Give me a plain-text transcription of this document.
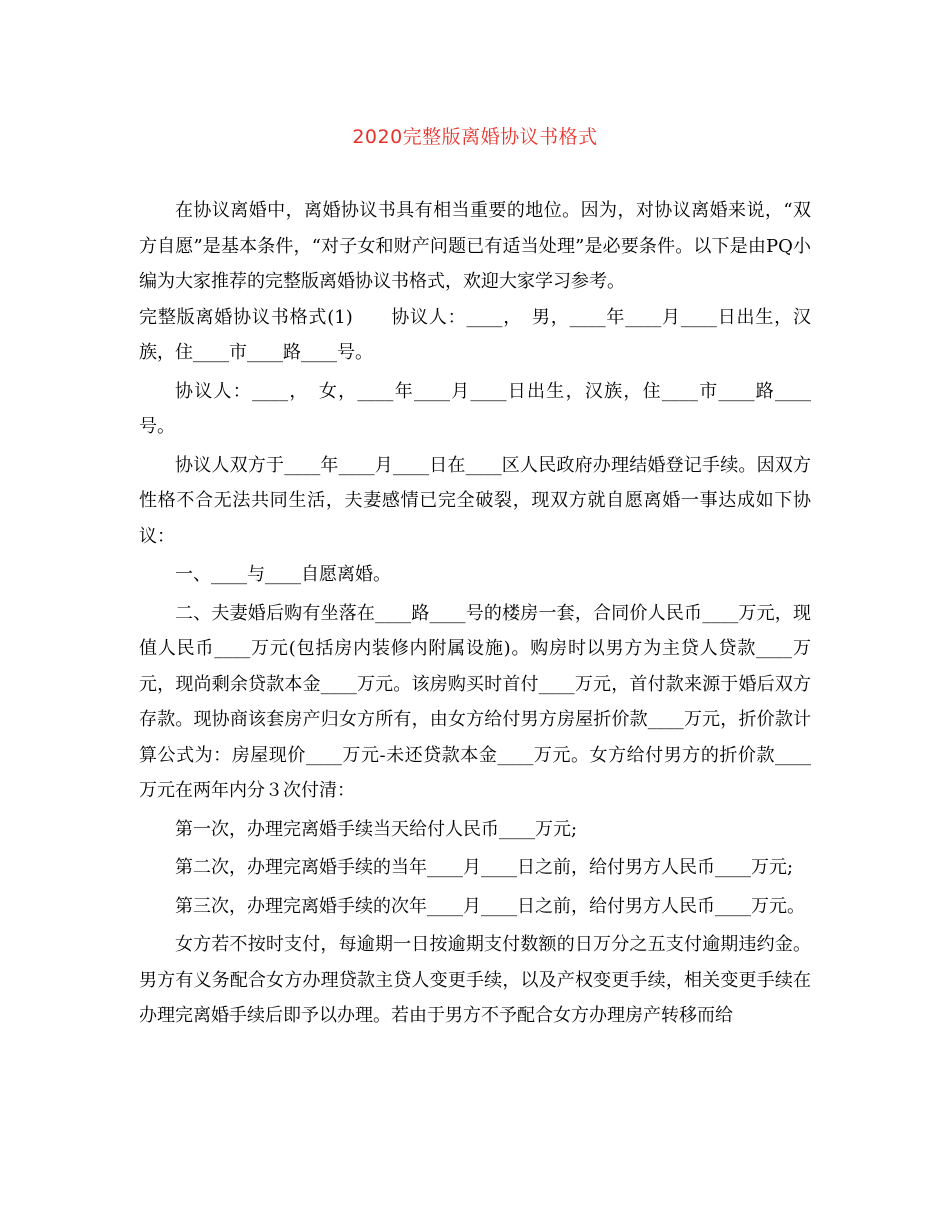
2020完整版离婚协议书格式

在协议离婚中，离婚协议书具有相当重要的地位。因为，对协议离婚来说，“双方自愿”是基本条件，“对子女和财产问题已有适当处理”是必要条件。以下是由PQ小编为大家推荐的完整版离婚协议书格式，欢迎大家学习参考。

完整版离婚协议书格式(1)　　协议人：____，　男，____年____月____日出生，汉族，住____市____路____号。

协议人：____，　女，____年____月____日出生，汉族，住____市____路____号。

协议人双方于____年____月____日在____区人民政府办理结婚登记手续。因双方性格不合无法共同生活，夫妻感情已完全破裂，现双方就自愿离婚一事达成如下协议：

一、____与____自愿离婚。

二、夫妻婚后购有坐落在____路____号的楼房一套，合同价人民币____万元，现值人民币____万元(包括房内装修内附属设施)。购房时以男方为主贷人贷款____万元，现尚剩余贷款本金____万元。该房购买时首付____万元，首付款来源于婚后双方存款。现协商该套房产归女方所有，由女方给付男方房屋折价款____万元，折价款计算公式为：房屋现价____万元-未还贷款本金____万元。女方给付男方的折价款____万元在两年内分３次付清：

第一次，办理完离婚手续当天给付人民币____万元;

第二次，办理完离婚手续的当年____月____日之前，给付男方人民币____万元;

第三次，办理完离婚手续的次年____月____日之前，给付男方人民币____万元。

女方若不按时支付，每逾期一日按逾期支付数额的日万分之五支付逾期违约金。男方有义务配合女方办理贷款主贷人变更手续，以及产权变更手续，相关变更手续在办理完离婚手续后即予以办理。若由于男方不予配合女方办理房产转移而给
